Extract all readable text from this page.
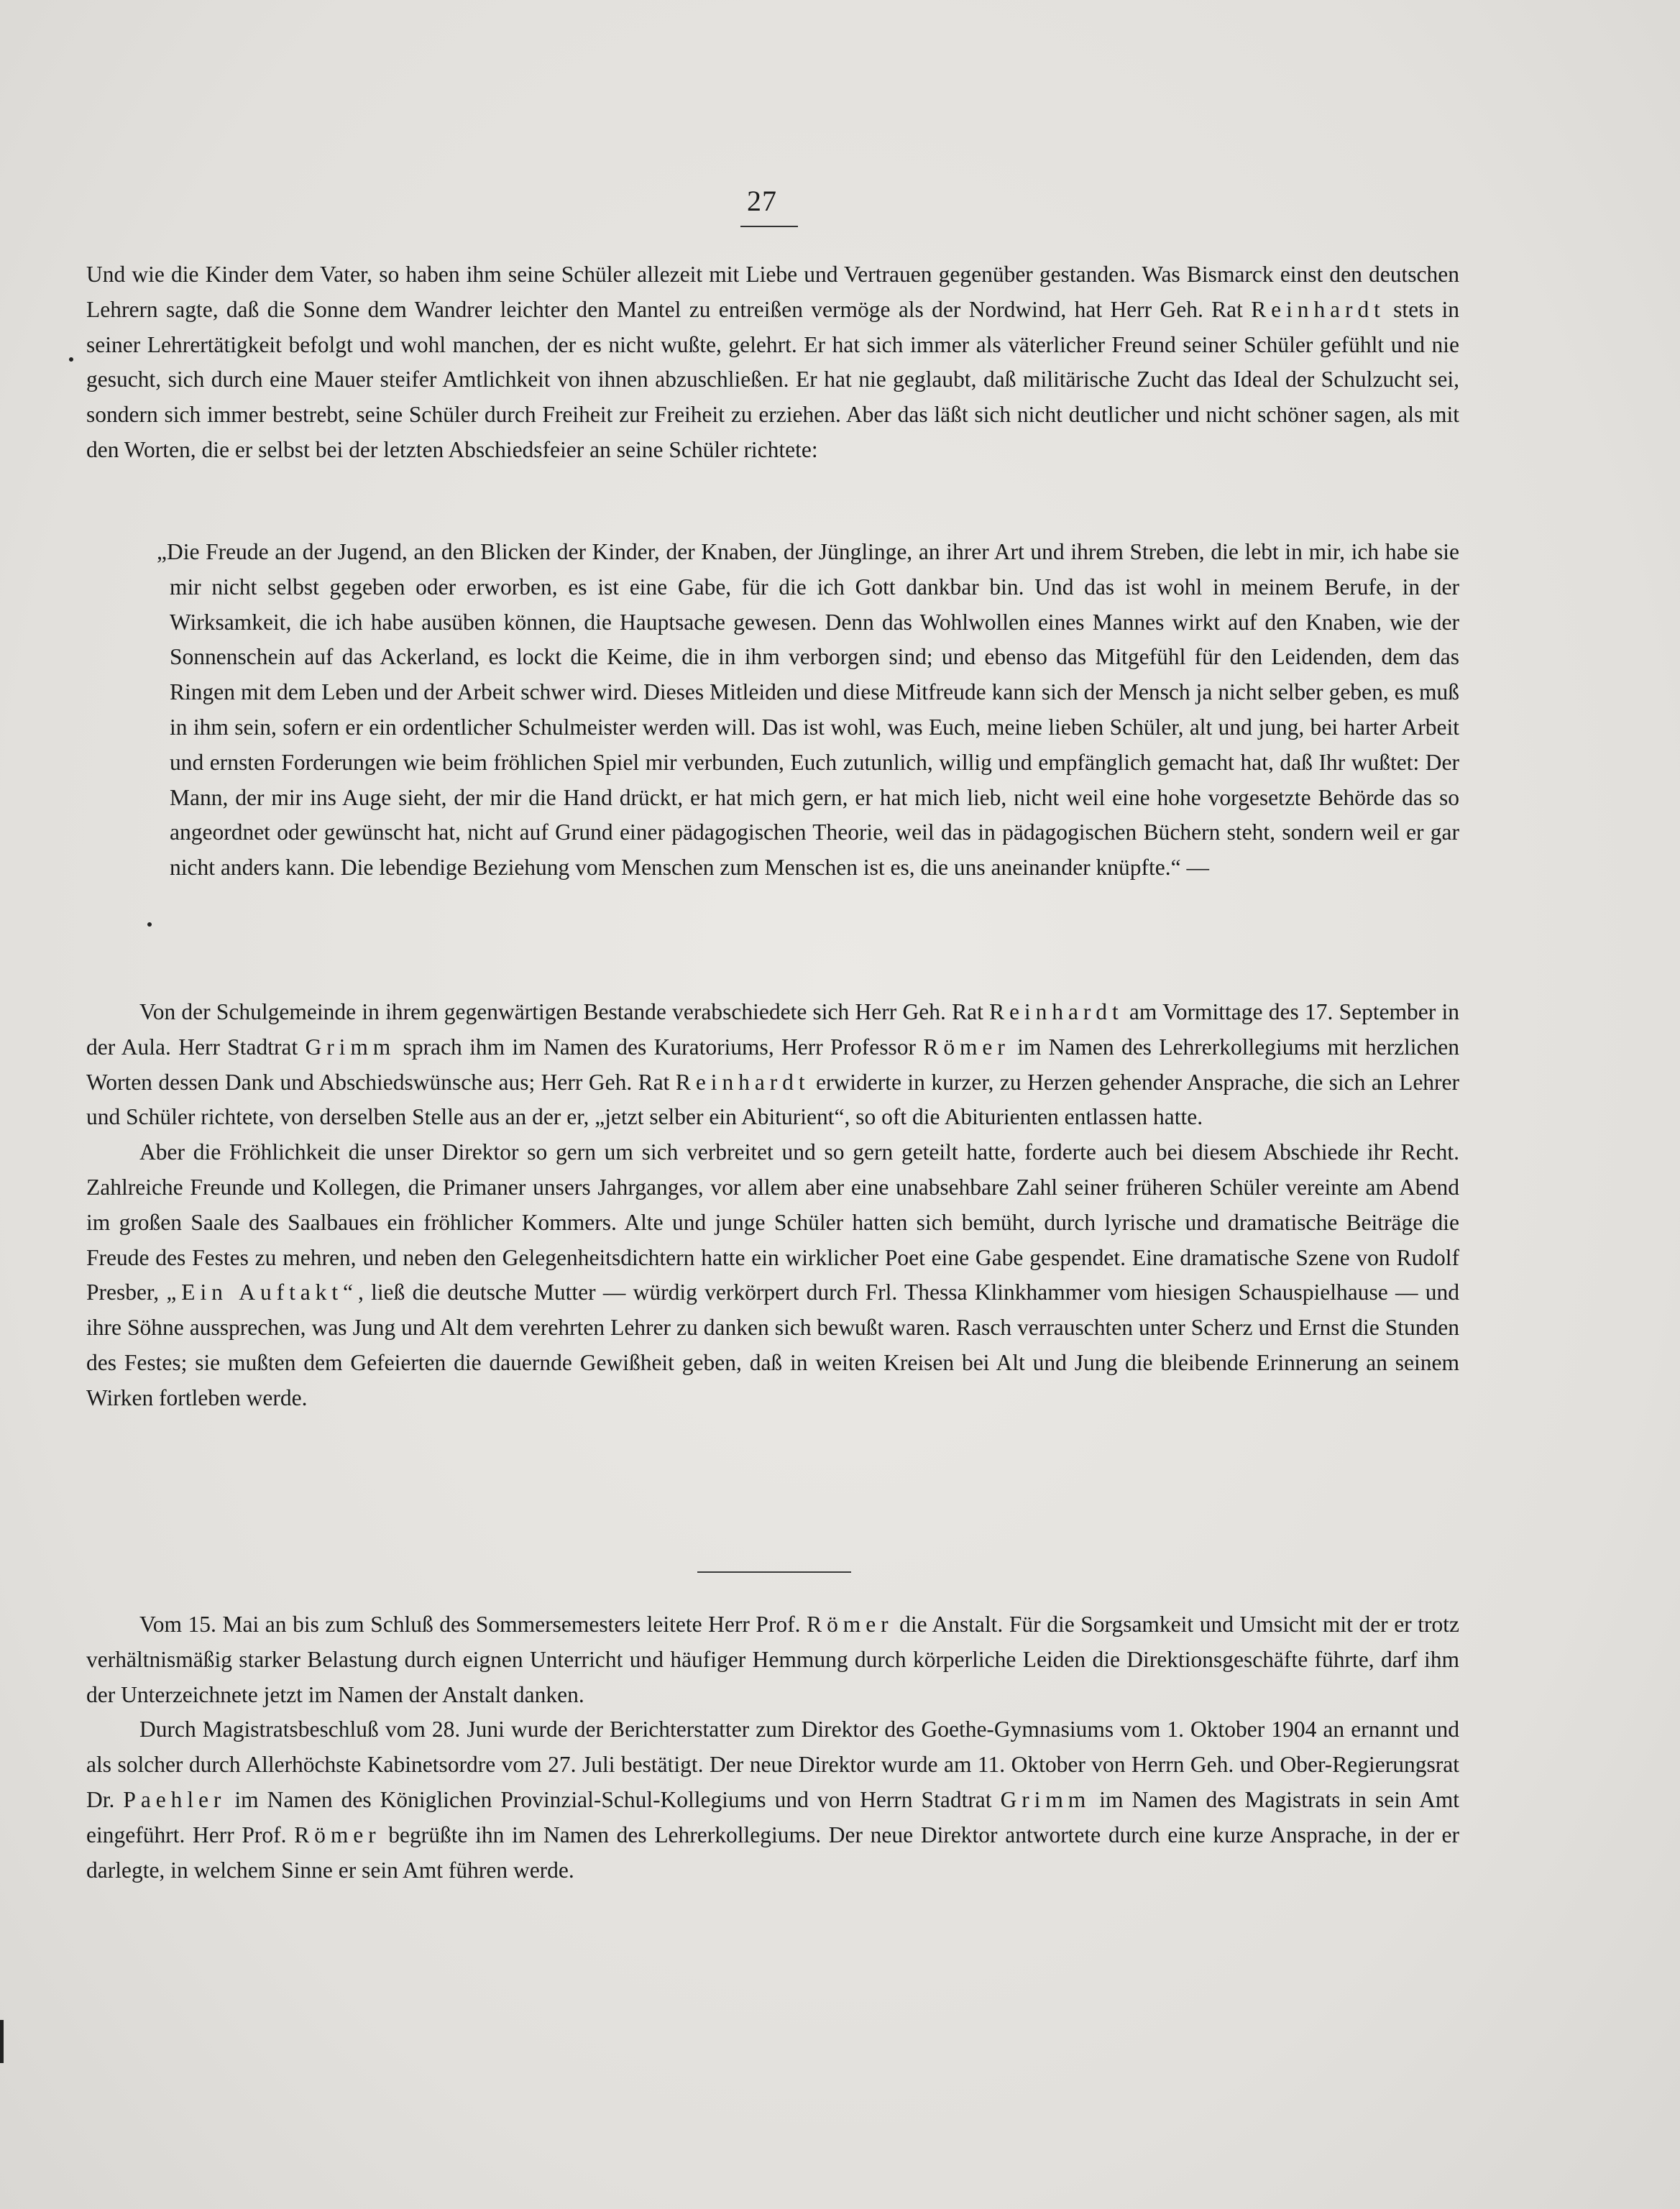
27

Und wie die Kinder dem Vater, so haben ihm seine Schüler allezeit mit Liebe und Vertrauen gegenüber gestanden. Was Bismarck einst den deutschen Lehrern sagte, daß die Sonne dem Wandrer leichter den Mantel zu entreißen vermöge als der Nordwind, hat Herr Geh. Rat Reinhardt stets in seiner Lehrertätigkeit befolgt und wohl manchen, der es nicht wußte, gelehrt. Er hat sich immer als väterlicher Freund seiner Schüler gefühlt und nie gesucht, sich durch eine Mauer steifer Amtlichkeit von ihnen abzuschließen. Er hat nie geglaubt, daß militärische Zucht das Ideal der Schulzucht sei, sondern sich immer bestrebt, seine Schüler durch Freiheit zur Freiheit zu erziehen. Aber das läßt sich nicht deutlicher und nicht schöner sagen, als mit den Worten, die er selbst bei der letzten Abschiedsfeier an seine Schüler richtete:

„Die Freude an der Jugend, an den Blicken der Kinder, der Knaben, der Jünglinge, an ihrer Art und ihrem Streben, die lebt in mir, ich habe sie mir nicht selbst gegeben oder erworben, es ist eine Gabe, für die ich Gott dankbar bin. Und das ist wohl in meinem Berufe, in der Wirksamkeit, die ich habe ausüben können, die Hauptsache gewesen. Denn das Wohlwollen eines Mannes wirkt auf den Knaben, wie der Sonnenschein auf das Ackerland, es lockt die Keime, die in ihm verborgen sind; und ebenso das Mitgefühl für den Leidenden, dem das Ringen mit dem Leben und der Arbeit schwer wird. Dieses Mitleiden und diese Mitfreude kann sich der Mensch ja nicht selber geben, es muß in ihm sein, sofern er ein ordentlicher Schulmeister werden will. Das ist wohl, was Euch, meine lieben Schüler, alt und jung, bei harter Arbeit und ernsten Forderungen wie beim fröhlichen Spiel mir verbunden, Euch zutunlich, willig und empfänglich gemacht hat, daß Ihr wußtet: Der Mann, der mir ins Auge sieht, der mir die Hand drückt, er hat mich gern, er hat mich lieb, nicht weil eine hohe vorgesetzte Behörde das so angeordnet oder gewünscht hat, nicht auf Grund einer pädagogischen Theorie, weil das in pädagogischen Büchern steht, sondern weil er gar nicht anders kann. Die lebendige Beziehung vom Menschen zum Menschen ist es, die uns aneinander knüpfte.“ —

Von der Schulgemeinde in ihrem gegenwärtigen Bestande verabschiedete sich Herr Geh. Rat Reinhardt am Vormittage des 17. September in der Aula. Herr Stadtrat Grimm sprach ihm im Namen des Kuratoriums, Herr Professor Römer im Namen des Lehrerkollegiums mit herzlichen Worten dessen Dank und Abschiedswünsche aus; Herr Geh. Rat Reinhardt erwiderte in kurzer, zu Herzen gehender Ansprache, die sich an Lehrer und Schüler richtete, von derselben Stelle aus an der er, „jetzt selber ein Abiturient“, so oft die Abiturienten entlassen hatte.

Aber die Fröhlichkeit die unser Direktor so gern um sich verbreitet und so gern geteilt hatte, forderte auch bei diesem Abschiede ihr Recht. Zahlreiche Freunde und Kollegen, die Primaner unsers Jahrganges, vor allem aber eine unabsehbare Zahl seiner früheren Schüler vereinte am Abend im großen Saale des Saalbaues ein fröhlicher Kommers. Alte und junge Schüler hatten sich bemüht, durch lyrische und dramatische Beiträge die Freude des Festes zu mehren, und neben den Gelegenheitsdichtern hatte ein wirklicher Poet eine Gabe gespendet. Eine dramatische Szene von Rudolf Presber, „Ein Auftakt“, ließ die deutsche Mutter — würdig verkörpert durch Frl. Thessa Klinkhammer vom hiesigen Schauspielhause — und ihre Söhne aussprechen, was Jung und Alt dem verehrten Lehrer zu danken sich bewußt waren. Rasch verrauschten unter Scherz und Ernst die Stunden des Festes; sie mußten dem Gefeierten die dauernde Gewißheit geben, daß in weiten Kreisen bei Alt und Jung die bleibende Erinnerung an seinem Wirken fortleben werde.

Vom 15. Mai an bis zum Schluß des Sommersemesters leitete Herr Prof. Römer die Anstalt. Für die Sorgsamkeit und Umsicht mit der er trotz verhältnismäßig starker Belastung durch eignen Unterricht und häufiger Hemmung durch körperliche Leiden die Direktionsgeschäfte führte, darf ihm der Unterzeichnete jetzt im Namen der Anstalt danken.

Durch Magistratsbeschluß vom 28. Juni wurde der Berichterstatter zum Direktor des Goethe-Gymnasiums vom 1. Oktober 1904 an ernannt und als solcher durch Allerhöchste Kabinetsordre vom 27. Juli bestätigt. Der neue Direktor wurde am 11. Oktober von Herrn Geh. und Ober-Regierungsrat Dr. Paehler im Namen des Königlichen Provinzial-Schul-Kollegiums und von Herrn Stadtrat Grimm im Namen des Magistrats in sein Amt eingeführt. Herr Prof. Römer begrüßte ihn im Namen des Lehrerkollegiums. Der neue Direktor antwortete durch eine kurze Ansprache, in der er darlegte, in welchem Sinne er sein Amt führen werde.
